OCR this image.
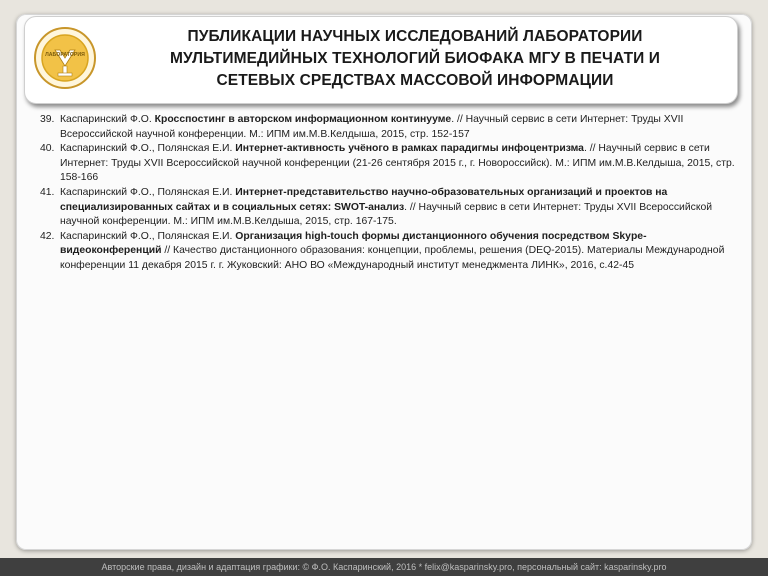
ЛАБОРАТОРИЯ
ПУБЛИКАЦИИ НАУЧНЫХ ИССЛЕДОВАНИЙ ЛАБОРАТОРИИ
МУЛЬТИМЕДИЙНЫХ ТЕХНОЛОГИЙ БИОФАКА МГУ В ПЕЧАТИ И
СЕТЕВЫХ СРЕДСТВАХ МАССОВОЙ ИНФОРМАЦИИ
39. Каспаринский Ф.О. Кросспостинг в авторском информационном континууме. // Научный сервис в сети Интернет: Труды XVII Всероссийской научной конференции. М.: ИПМ им.М.В.Келдыша, 2015, стр. 152-157
40. Каспаринский Ф.О., Полянская Е.И. Интернет-активность учёного в рамках парадигмы инфоцентризма. // Научный сервис в сети Интернет: Труды XVII Всероссийской научной конференции (21-26 сентября 2015 г., г. Новороссийск). М.: ИПМ им.М.В.Келдыша, 2015, стр. 158-166
41. Каспаринский Ф.О., Полянская Е.И. Интернет-представительство научно-образовательных организаций и проектов на специализированных сайтах и в социальных сетях: SWOT-анализ. // Научный сервис в сети Интернет: Труды XVII Всероссийской научной конференции. М.: ИПМ им.М.В.Келдыша, 2015, стр. 167-175.
42. Каспаринский Ф.О., Полянская Е.И. Организация high-touch формы дистанционного обучения посредством Skype-видеоконференций // Качество дистанционного образования: концепции, проблемы, решения (DEQ-2015). Материалы Международной конференции 11 декабря 2015 г. г. Жуковский: АНО ВО «Международный институт менеджмента ЛИНК», 2016, с.42-45
Авторские права, дизайн и адаптация графики: © Ф.О. Каспаринский, 2016 * felix@kasparinsky.pro, персональный сайт: kasparinsky.pro
